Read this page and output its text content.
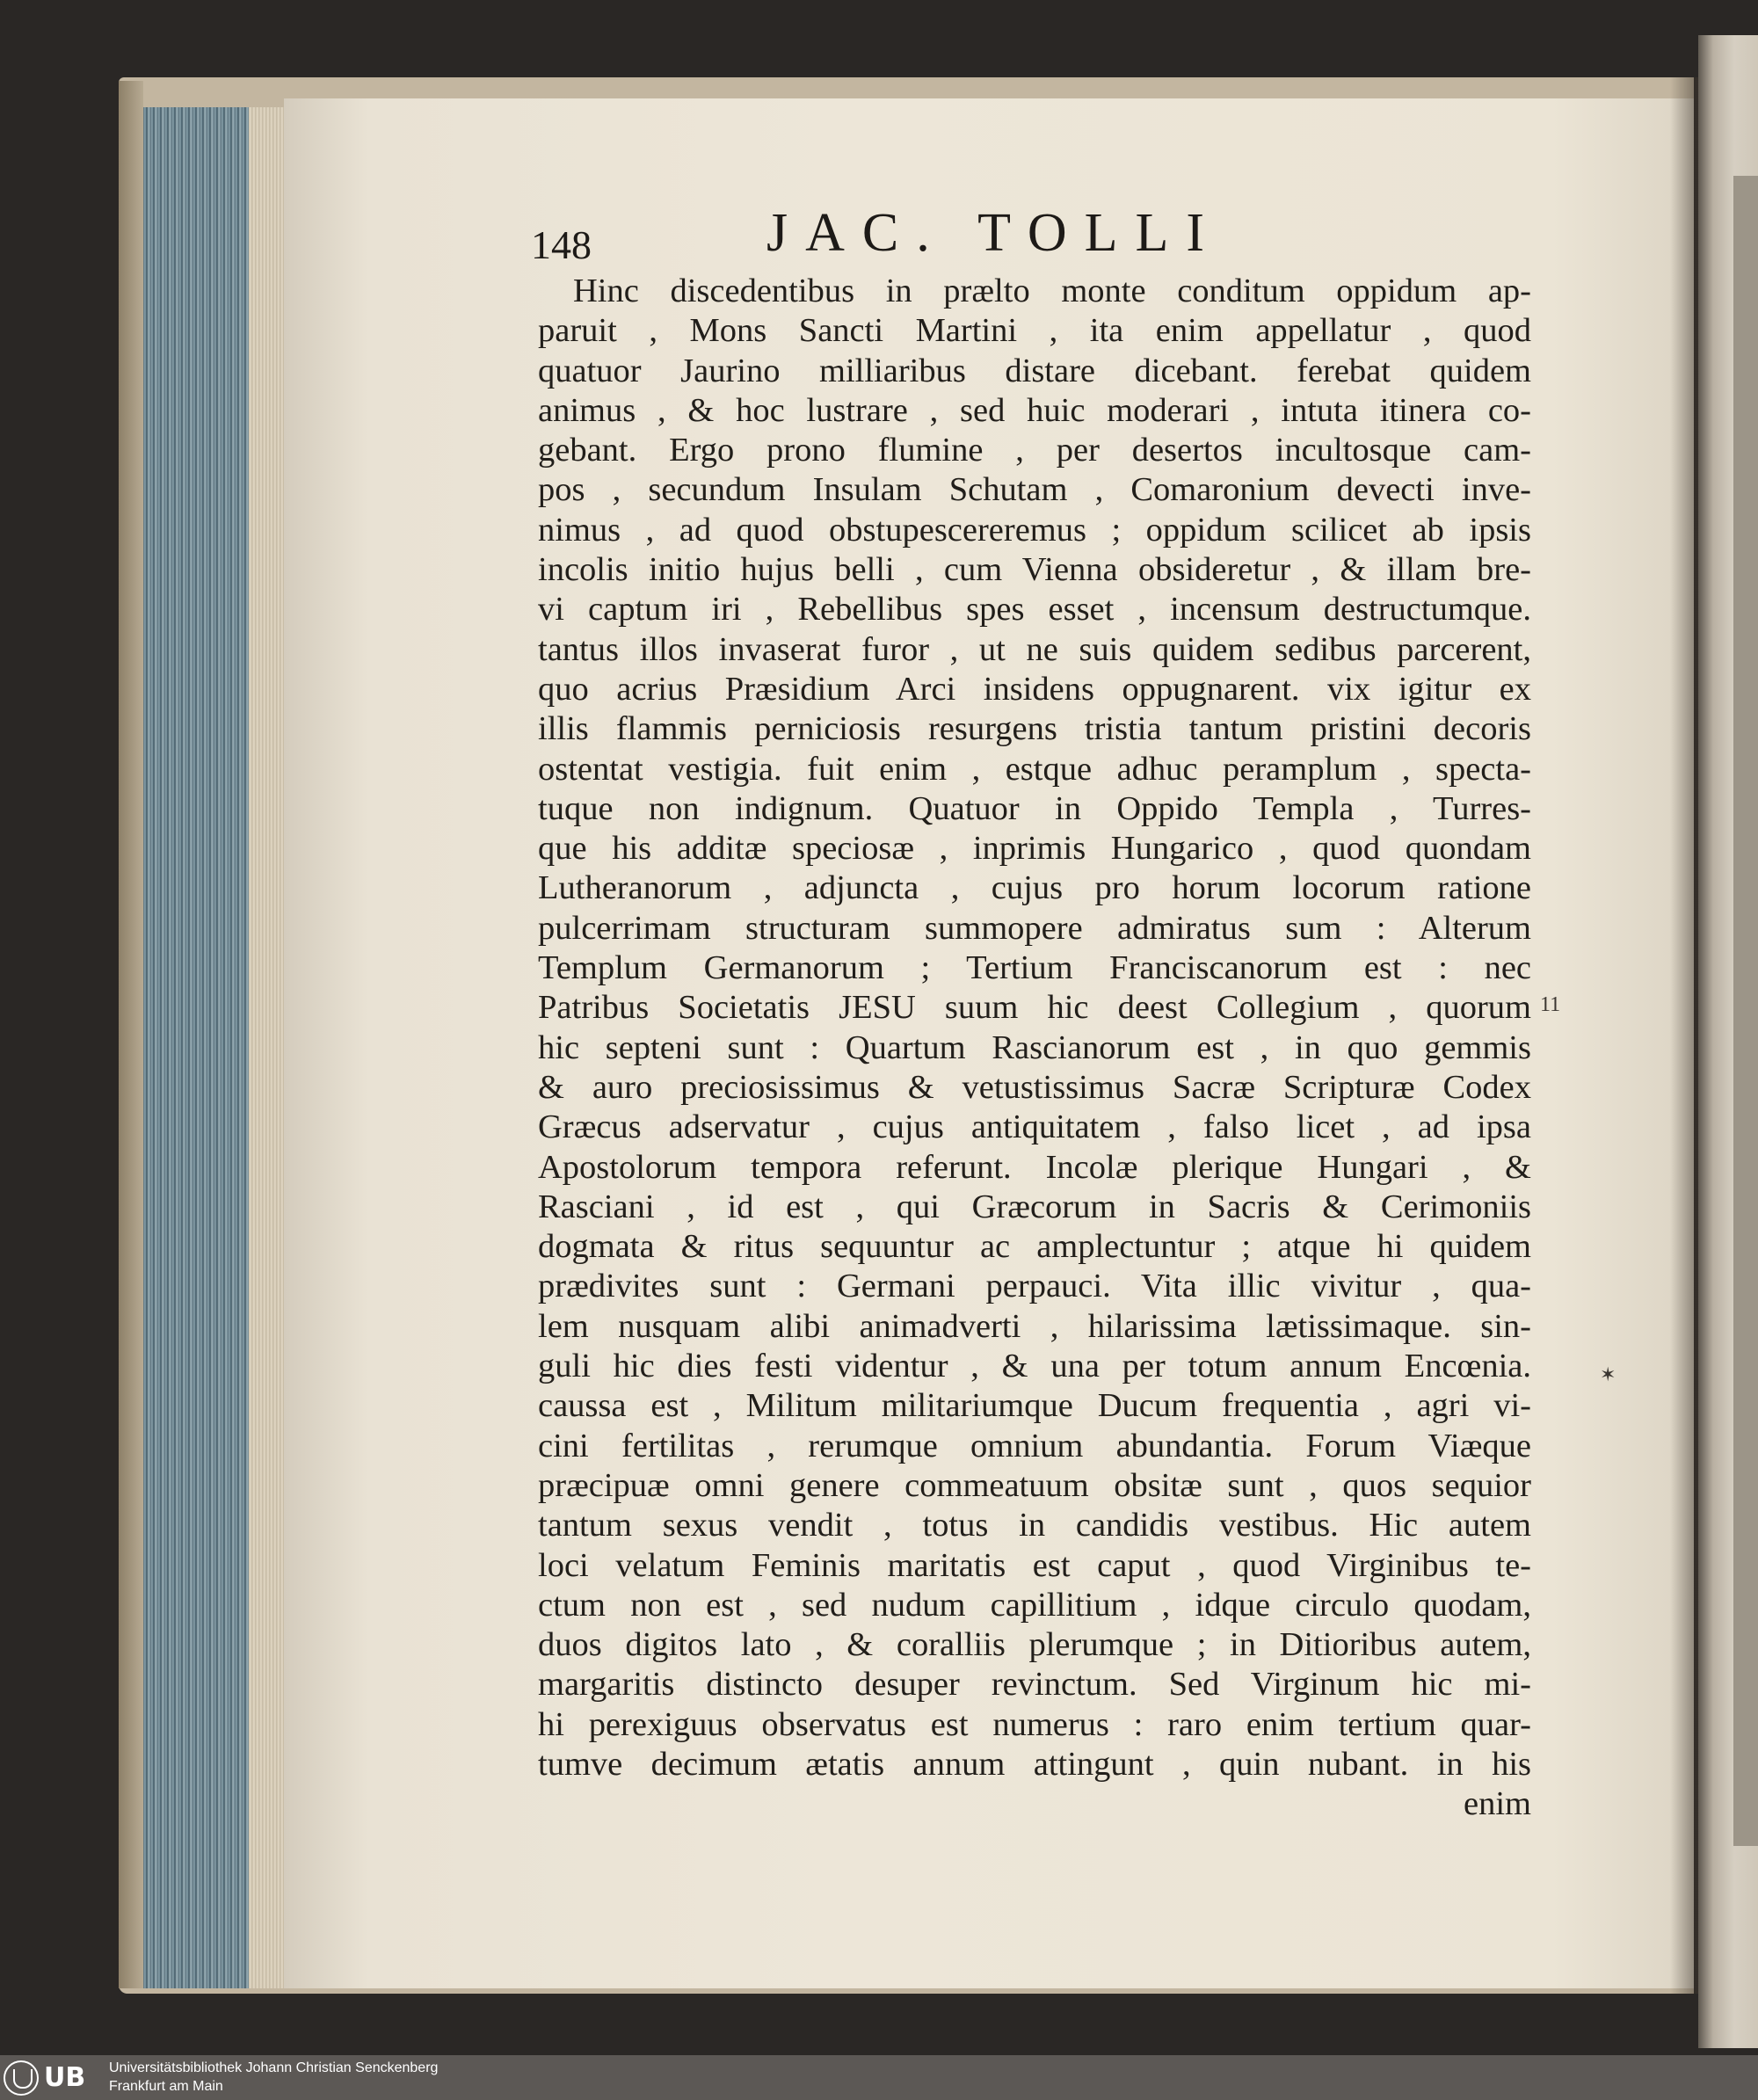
148	JAC. TOLLI
Hinc discedentibus in prælto monte conditum oppidum ap-
paruit , Mons Sancti Martini , ita enim appellatur , quod
quatuor Jaurino milliaribus distare dicebant. ferebat quidem
animus , & hoc lustrare , sed huic moderari , intuta itinera co-
gebant. Ergo prono flumine , per desertos incultosque cam-
pos , secundum Insulam Schutam , Comaronium devecti inve-
nimus , ad quod obstupescereremus ; oppidum scilicet ab ipsis
incolis initio hujus belli , cum Vienna obsideretur , & illam bre-
vi captum iri , Rebellibus spes esset , incensum destructumque.
tantus illos invaserat furor , ut ne suis quidem sedibus parcerent,
quo acrius Præsidium Arci insidens oppugnarent. vix igitur ex
illis flammis perniciosis resurgens tristia tantum pristini decoris
ostentat vestigia. fuit enim , estque adhuc peramplum , specta-
tuque non indignum. Quatuor in Oppido Templa , Turres-
que his additæ speciosæ , inprimis Hungarico , quod quondam
Lutheranorum , adjuncta , cujus pro horum locorum ratione
pulcerrimam structuram summopere admiratus sum : Alterum
Templum Germanorum ; Tertium Franciscanorum est : nec
Patribus Societatis JESU suum hic deest Collegium , quorum
hic septeni sunt : Quartum Rascianorum est , in quo gemmis
& auro preciosissimus & vetustissimus Sacræ Scripturæ Codex
Græcus adservatur , cujus antiquitatem , falso licet , ad ipsa
Apostolorum tempora referunt. Incolæ plerique Hungari , &
Rasciani , id est , qui Græcorum in Sacris & Cerimoniis
dogmata & ritus sequuntur ac amplectuntur ; atque hi quidem
prædivites sunt : Germani perpauci. Vita illic vivitur , qua-
lem nusquam alibi animadverti , hilarissima lætissimaque. sin-
guli hic dies festi videntur , & una per totum annum Encœnia.
caussa est , Militum militariumque Ducum frequentia , agri vi-
cini fertilitas , rerumque omnium abundantia. Forum Viæque
præcipuæ omni genere commeatuum obsitæ sunt , quos sequior
tantum sexus vendit , totus in candidis vestibus. Hic autem
loci velatum Feminis maritatis est caput , quod Virginibus te-
ctum non est , sed nudum capillitium , idque circulo quodam,
duos digitos lato , & coralliis plerumque ; in Ditioribus autem,
margaritis distincto desuper revinctum. Sed Virginum hic mi-
hi perexiguus observatus est numerus : raro enim tertium quar-
tumve decimum ætatis annum attingunt , quin nubant. in his
enim
11
✶
UB Universitätsbibliothek Johann Christian Senckenberg
Frankfurt am Main
